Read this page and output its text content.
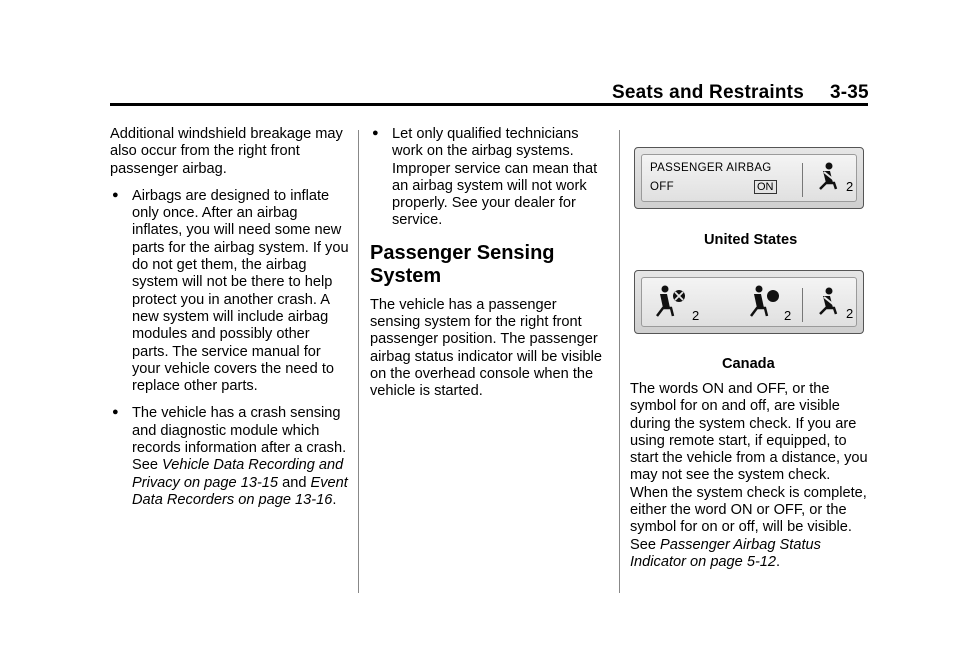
Seats and Restraints 3-35

Additional windshield breakage may also occur from the right front passenger airbag.

● Airbags are designed to inflate only once. After an airbag inflates, you will need some new parts for the airbag system. If you do not get them, the airbag system will not be there to help protect you in another crash. A new system will include airbag modules and possibly other parts. The service manual for your vehicle covers the need to replace other parts.
● The vehicle has a crash sensing and diagnostic module which records information after a crash. See Vehicle Data Recording and Privacy on page 13-15 and Event Data Recorders on page 13-16.
● Let only qualified technicians work on the airbag systems. Improper service can mean that an airbag system will not work properly. See your dealer for service.
Passenger Sensing System

The vehicle has a passenger sensing system for the right front passenger position. The passenger airbag status indicator will be visible on the overhead console when the vehicle is started.

PASSENGER AIRBAG
OFF	ON	2
United States
2	2	2
Canada

The words ON and OFF, or the symbol for on and off, are visible during the system check. If you are using remote start, if equipped, to start the vehicle from a distance, you may not see the system check. When the system check is complete, either the word ON or OFF, or the symbol for on or off, will be visible. See Passenger Airbag Status Indicator on page 5-12.
